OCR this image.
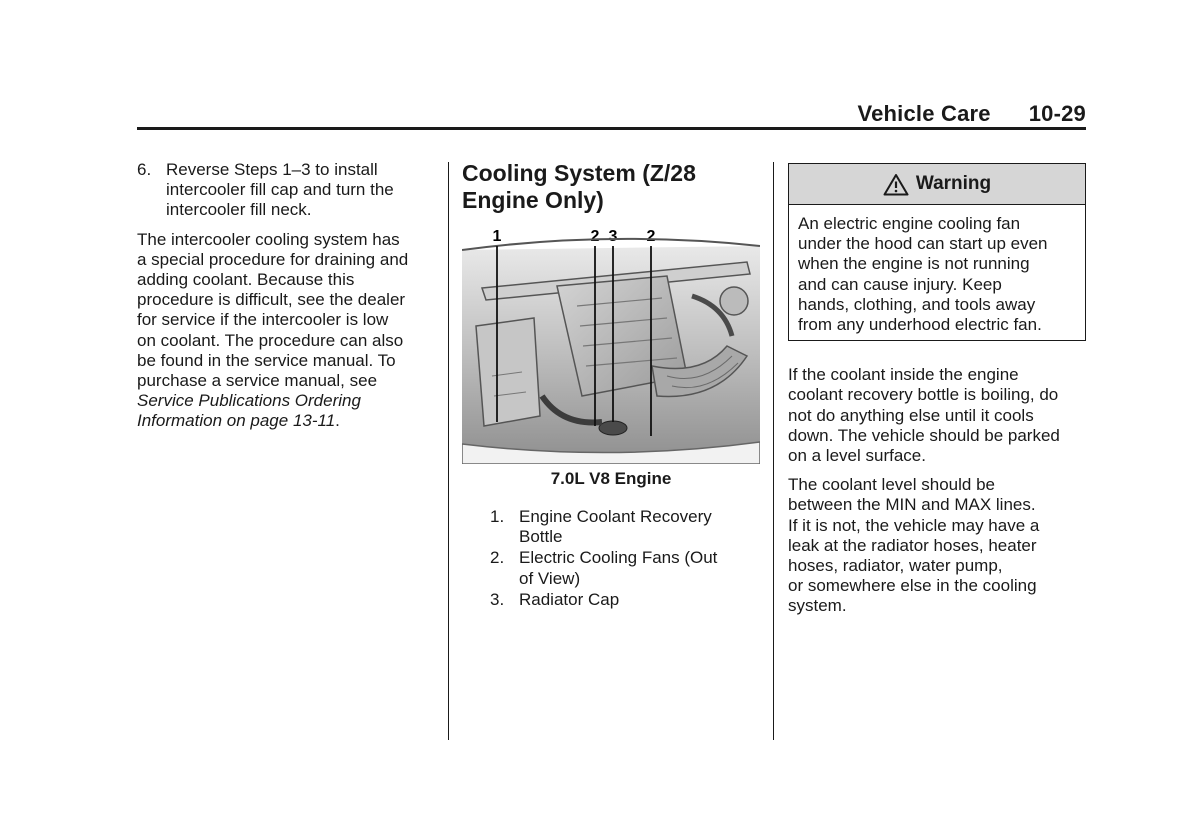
Vehicle Care 10-29
6. Reverse Steps 1–3 to install
intercooler fill cap and turn the
intercooler fill neck.
The intercooler cooling system has
a special procedure for draining and
adding coolant. Because this
procedure is difficult, see the dealer
for service if the intercooler is low
on coolant. The procedure can also
be found in the service manual. To
purchase a service manual, see
Service Publications Ordering
Information on page 13-11.
Cooling System (Z/28
Engine Only)
1	2 3 2
7.0L V8 Engine
1. Engine Coolant Recovery
Bottle
2. Electric Cooling Fans (Out
of View)
3. Radiator Cap
Warning
An electric engine cooling fan
under the hood can start up even
when the engine is not running
and can cause injury. Keep
hands, clothing, and tools away
from any underhood electric fan.
If the coolant inside the engine
coolant recovery bottle is boiling, do
not do anything else until it cools
down. The vehicle should be parked
on a level surface.
The coolant level should be
between the MIN and MAX lines.
If it is not, the vehicle may have a
leak at the radiator hoses, heater
hoses, radiator, water pump,
or somewhere else in the cooling
system.
